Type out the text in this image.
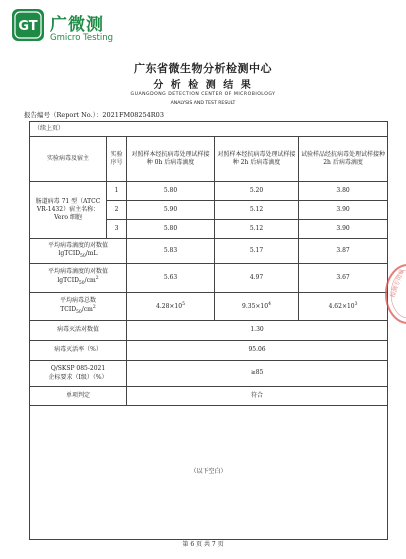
GT 广微测
Gmicro Testing
广东省微生物分析检测中心
分 析 检 测 结 果
GUANGDONG DETECTION CENTER OF MICROBIOLOGY
ANALYSIS AND TEST RESULT
报告编号（Report No.）：2021FM08254R03
（续上页）				
实验病毒及宿主	实验序号	对照样本经抗病毒处理试样接种 0h 后病毒滴度	对照样本经抗病毒处理试样接种 2h 后病毒滴度	试验样品经抗病毒处理试样接种 2h 后病毒滴度
肠道病毒 71 型（ATCC VR-1432）宿主名称：Vero 细胞	1	5.80	5.20	3.80
	2	5.90	5.12	3.90
	3	5.80	5.12	3.90
平均病毒滴度的对数值
lgTCID$_{50}$/mL		5.83	5.17	3.87
平均病毒滴度的对数值
$lgTCID_{50}/cm^2$		5.63	4.97	3.67
平均病毒总数
$TCID_{50}/cm^2$		$4.28\times 10^5$	$9.35\times 10^4$	$4.62\times 10^3$
病毒灭活对数值		1.30		
病毒灭活率（%）		95.06		
Q/SKSP 085-2021
企标要求（Ⅰ级）（%）		≥85		
单项判定		符合		
（以下空白）				
第 6 页 共 7 页
检测专用章
